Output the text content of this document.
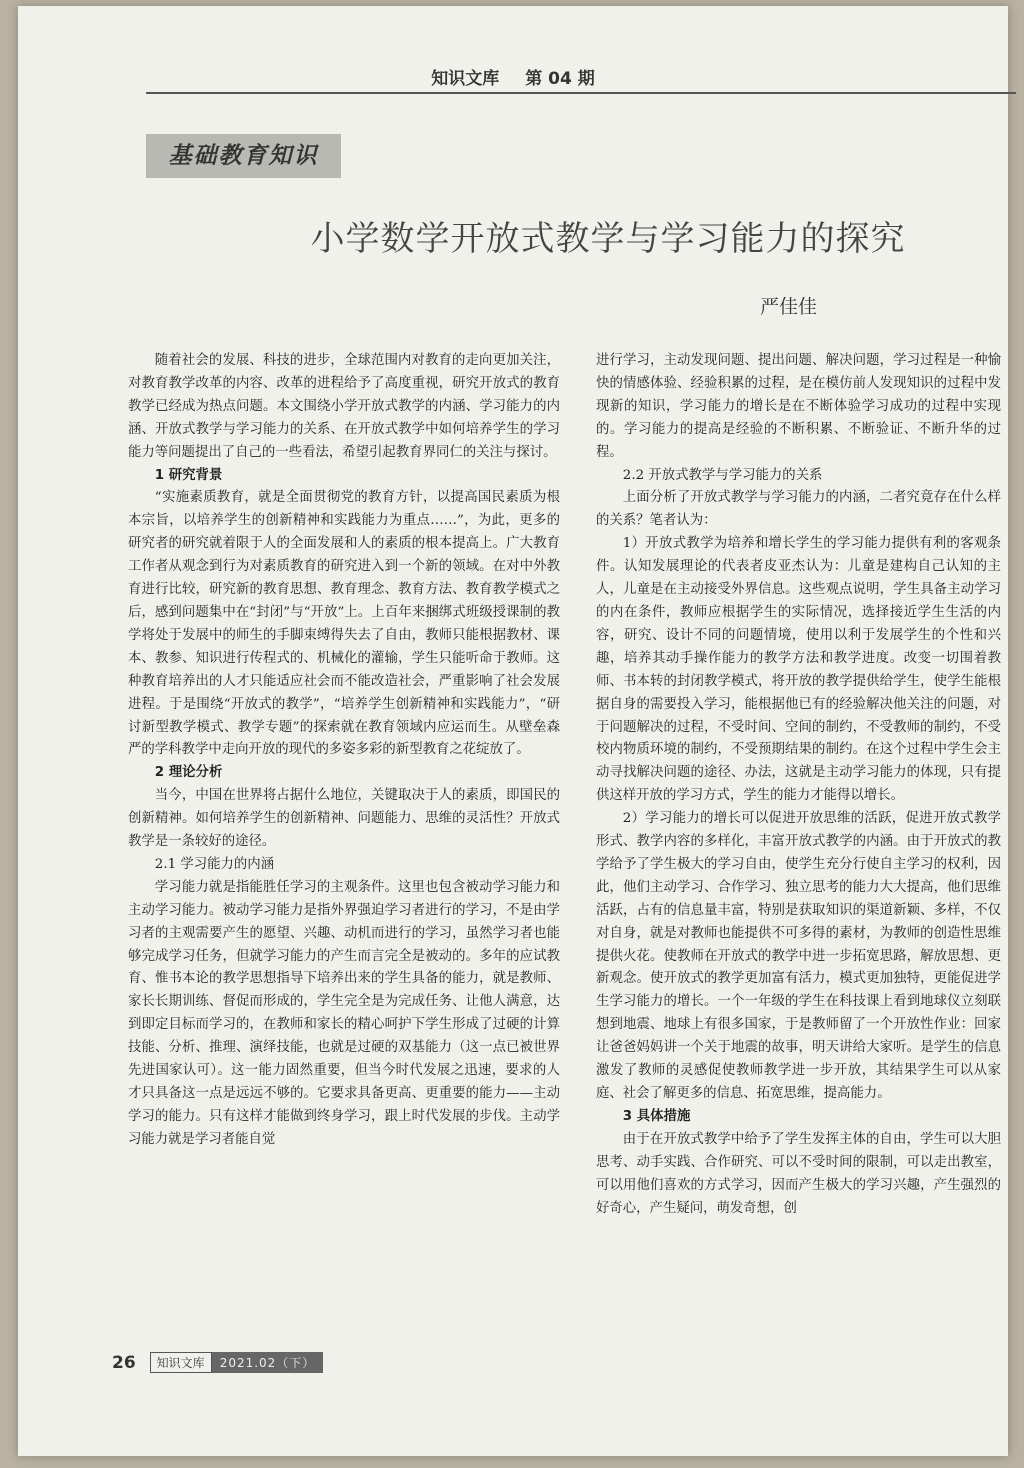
知识文库 第 04 期
基础教育知识
小学数学开放式教学与学习能力的探究
严佳佳

随着社会的发展、科技的进步，全球范围内对教育的走向更加关注，对教育教学改革的内容、改革的进程给予了高度重视，研究开放式的教育教学已经成为热点问题。本文围绕小学开放式教学的内涵、学习能力的内涵、开放式教学与学习能力的关系、在开放式教学中如何培养学生的学习能力等问题提出了自己的一些看法，希望引起教育界同仁的关注与探讨。

1 研究背景

“实施素质教育，就是全面贯彻党的教育方针，以提高国民素质为根本宗旨，以培养学生的创新精神和实践能力为重点……”，为此，更多的研究者的研究就着限于人的全面发展和人的素质的根本提高上。广大教育工作者从观念到行为对素质教育的研究进入到一个新的领域。在对中外教育进行比较，研究新的教育思想、教育理念、教育方法、教育教学模式之后，感到问题集中在“封闭”与“开放”上。上百年来捆绑式班级授课制的教学将处于发展中的师生的手脚束缚得失去了自由，教师只能根据教材、课本、教参、知识进行传程式的、机械化的灌输，学生只能听命于教师。这种教育培养出的人才只能适应社会而不能改造社会，严重影响了社会发展进程。于是围绕“开放式的教学”，“培养学生创新精神和实践能力”，“研讨新型教学模式、教学专题”的探索就在教育领域内应运而生。从壁垒森严的学科教学中走向开放的现代的多姿多彩的新型教育之花绽放了。

2 理论分析

当今，中国在世界将占据什么地位，关键取决于人的素质，即国民的创新精神。如何培养学生的创新精神、问题能力、思维的灵活性？开放式教学是一条较好的途径。

2.1 学习能力的内涵

学习能力就是指能胜任学习的主观条件。这里也包含被动学习能力和主动学习能力。被动学习能力是指外界强迫学习者进行的学习，不是由学习者的主观需要产生的愿望、兴趣、动机而进行的学习，虽然学习者也能够完成学习任务，但就学习能力的产生而言完全是被动的。多年的应试教育、惟书本论的教学思想指导下培养出来的学生具备的能力，就是教师、家长长期训练、督促而形成的，学生完全是为完成任务、让他人满意，达到即定目标而学习的，在教师和家长的精心呵护下学生形成了过硬的计算技能、分析、推理、演绎技能，也就是过硬的双基能力（这一点已被世界先进国家认可）。这一能力固然重要，但当今时代发展之迅速，要求的人才只具备这一点是远远不够的。它要求具备更高、更重要的能力——主动学习的能力。只有这样才能做到终身学习，跟上时代发展的步伐。主动学习能力就是学习者能自觉

进行学习，主动发现问题、提出问题、解决问题，学习过程是一种愉快的情感体验、经验积累的过程，是在模仿前人发现知识的过程中发现新的知识，学习能力的增长是在不断体验学习成功的过程中实现的。学习能力的提高是经验的不断积累、不断验证、不断升华的过程。

2.2 开放式教学与学习能力的关系

上面分析了开放式教学与学习能力的内涵，二者究竟存在什么样的关系？笔者认为：

1）开放式教学为培养和增长学生的学习能力提供有利的客观条件。认知发展理论的代表者皮亚杰认为：儿童是建构自己认知的主人，儿童是在主动接受外界信息。这些观点说明，学生具备主动学习的内在条件，教师应根据学生的实际情况，选择接近学生生活的内容，研究、设计不同的问题情境，使用以利于发展学生的个性和兴趣，培养其动手操作能力的教学方法和教学进度。改变一切围着教师、书本转的封闭教学模式，将开放的教学提供给学生，使学生能根据自身的需要投入学习，能根据他已有的经验解决他关注的问题，对于问题解决的过程，不受时间、空间的制约，不受教师的制约，不受校内物质环境的制约，不受预期结果的制约。在这个过程中学生会主动寻找解决问题的途径、办法，这就是主动学习能力的体现，只有提供这样开放的学习方式，学生的能力才能得以增长。

2）学习能力的增长可以促进开放思维的活跃，促进开放式教学形式、教学内容的多样化，丰富开放式教学的内涵。由于开放式的教学给予了学生极大的学习自由，使学生充分行使自主学习的权利，因此，他们主动学习、合作学习、独立思考的能力大大提高，他们思维活跃，占有的信息量丰富，特别是获取知识的渠道新颖、多样，不仅对自身，就是对教师也能提供不可多得的素材，为教师的创造性思维提供火花。使教师在开放式的教学中进一步拓宽思路，解放思想、更新观念。使开放式的教学更加富有活力，模式更加独特，更能促进学生学习能力的增长。一个一年级的学生在科技课上看到地球仪立刻联想到地震、地球上有很多国家，于是教师留了一个开放性作业：回家让爸爸妈妈讲一个关于地震的故事，明天讲给大家听。是学生的信息激发了教师的灵感促使教师教学进一步开放，其结果学生可以从家庭、社会了解更多的信息、拓宽思维，提高能力。

3 具体措施

由于在开放式教学中给予了学生发挥主体的自由，学生可以大胆思考、动手实践、合作研究、可以不受时间的限制，可以走出教室，可以用他们喜欢的方式学习，因而产生极大的学习兴趣，产生强烈的好奇心，产生疑问，萌发奇想，创

26	知识文库	2021.02（下）
